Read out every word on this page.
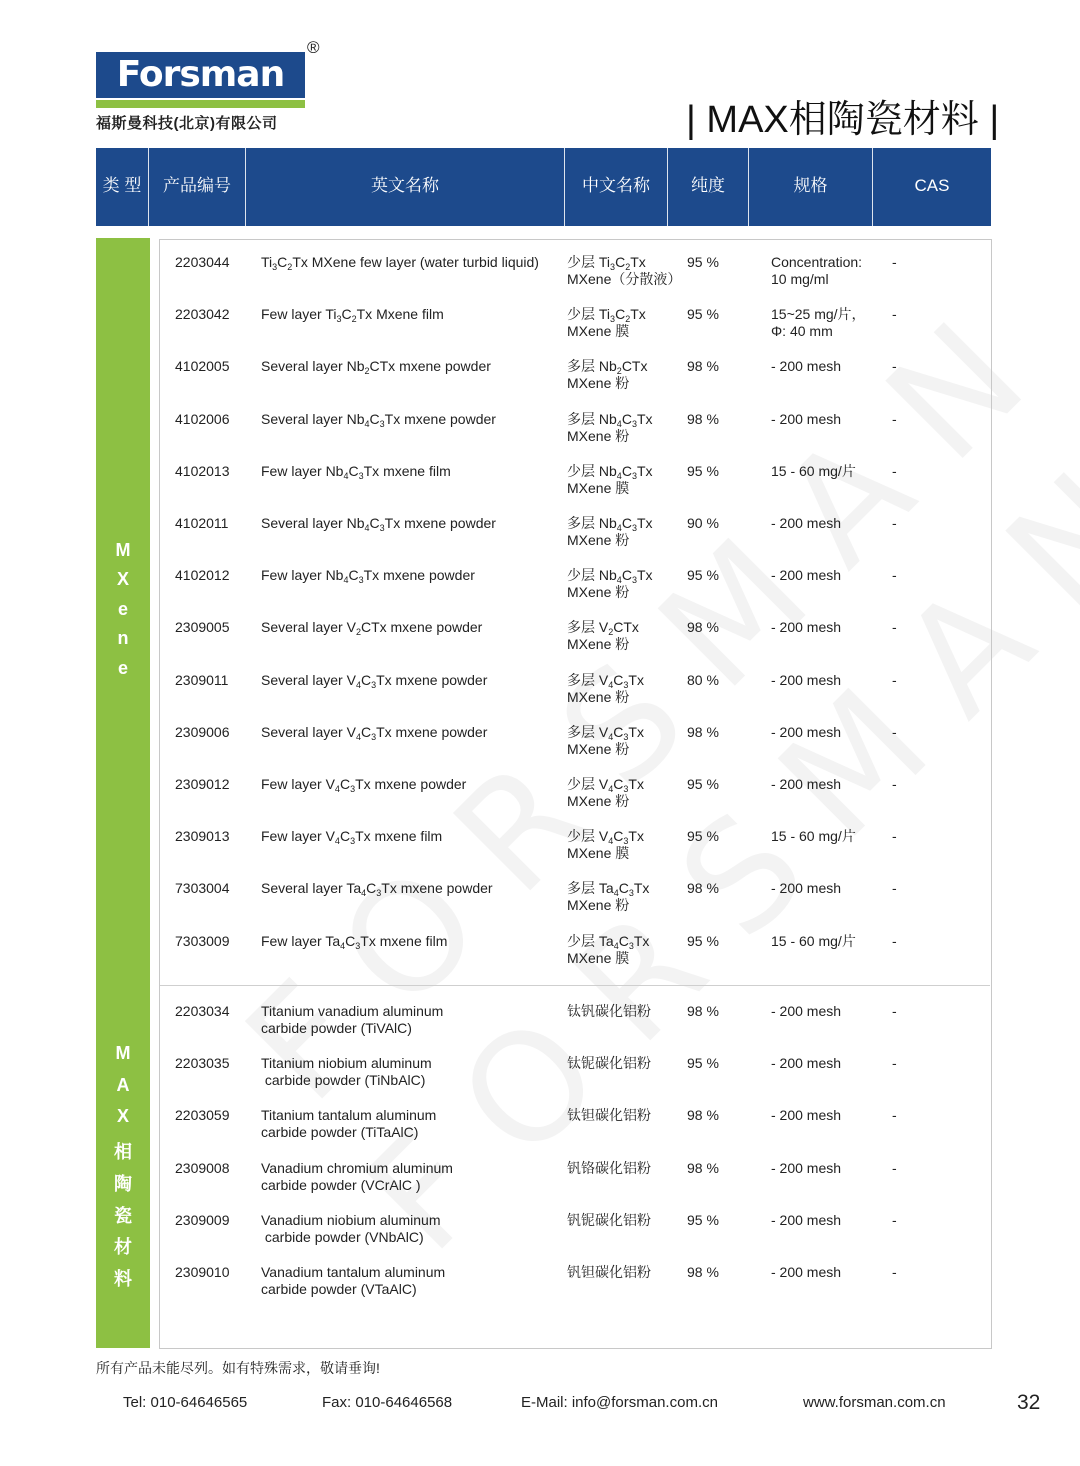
Forsman
®
福斯曼科技(北京)有限公司	| MAX相陶瓷材料 |
类 型	产品编号	英文名称	中文名称	纯度	规格	CAS
M
X
e
n
e
M
A
X
相
陶
瓷
材
料
2203044 $Ti_3C_2Tx$ MXene few layer (water turbid liquid)	少层 $Ti_3C_2Tx$
MXene（分散液）
95 %	Concentration:
10 mg/ml
-
2203042 Few layer $Ti_3C_2Tx$ Mxene film	少层 $Ti_3C_2Tx$
MXene 膜
95 %	15~25 mg/片，
Φ: 40 mm
-
4102005 Several layer $Nb_2CTx$ mxene powder	多层 $Nb_2CTx$
MXene 粉
98 %	- 200 mesh	-
4102006 Several layer $Nb_4C_3Tx$ mxene powder	多层 $Nb_4C_3Tx$
MXene 粉
98 %	- 200 mesh	-
4102013 Few layer $Nb_4C_3Tx$ mxene film	少层 $Nb_4C_3Tx$
MXene 膜
95 %	15 - 60 mg/片	-
4102011 Several layer $Nb_4C_3Tx$ mxene powder	多层 $Nb_4C_3Tx$
MXene 粉
90 %	- 200 mesh	-
4102012 Few layer $Nb_4C_3Tx$ mxene powder	少层 $Nb_4C_3Tx$
MXene 粉
95 %	- 200 mesh	-
2309005 Several layer $V_2CTx$ mxene powder	多层 $V_2CTx$
MXene 粉
98 %	- 200 mesh	-
2309011 Several layer $V_4C_3Tx$ mxene powder	多层 $V_4C_3Tx$
MXene 粉
80 %	- 200 mesh	-
2309006 Several layer $V_4C_3Tx$ mxene powder	多层 $V_4C_3Tx$
MXene 粉
98 %	- 200 mesh	-
2309012 Few layer $V_4C_3Tx$ mxene powder	少层 $V_4C_3Tx$
MXene 粉
95 %	- 200 mesh	-
2309013 Few layer $V_4C_3Tx$ mxene film	少层 $V_4C_3Tx$
MXene 膜
95 %	15 - 60 mg/片	-
7303004 Several layer $Ta_4C_3Tx$ mxene powder	多层 $Ta_4C_3Tx$
MXene 粉
98 %	- 200 mesh	-
7303009 Few layer $Ta_4C_3Tx$ mxene film	少层 $Ta_4C_3Tx$
MXene 膜
95 %	15 - 60 mg/片	-
2203034 Titanium vanadium aluminum
carbide powder (TiVAlC)
钛钒碳化铝粉	98 %	- 200 mesh	-
2203035 Titanium niobium aluminum
carbide powder (TiNbAlC)
钛铌碳化铝粉	95 %	- 200 mesh	-
2203059 Titanium tantalum aluminum
carbide powder (TiTaAlC)
钛钽碳化铝粉	98 %	- 200 mesh	-
2309008 Vanadium chromium aluminum
carbide powder (VCrAlC )
钒铬碳化铝粉	98 %	- 200 mesh	-
2309009 Vanadium niobium aluminum
carbide powder (VNbAlC)
钒铌碳化铝粉	95 %	- 200 mesh	-
2309010 Vanadium tantalum aluminum
carbide powder (VTaAlC)
钒钽碳化铝粉	98 %	- 200 mesh	-
所有产品未能尽列。如有特殊需求，敬请垂询!
Tel: 010-64646565	Fax: 010-64646568	E-Mail: info@forsman.com.cn	www.forsman.com.cn	32
